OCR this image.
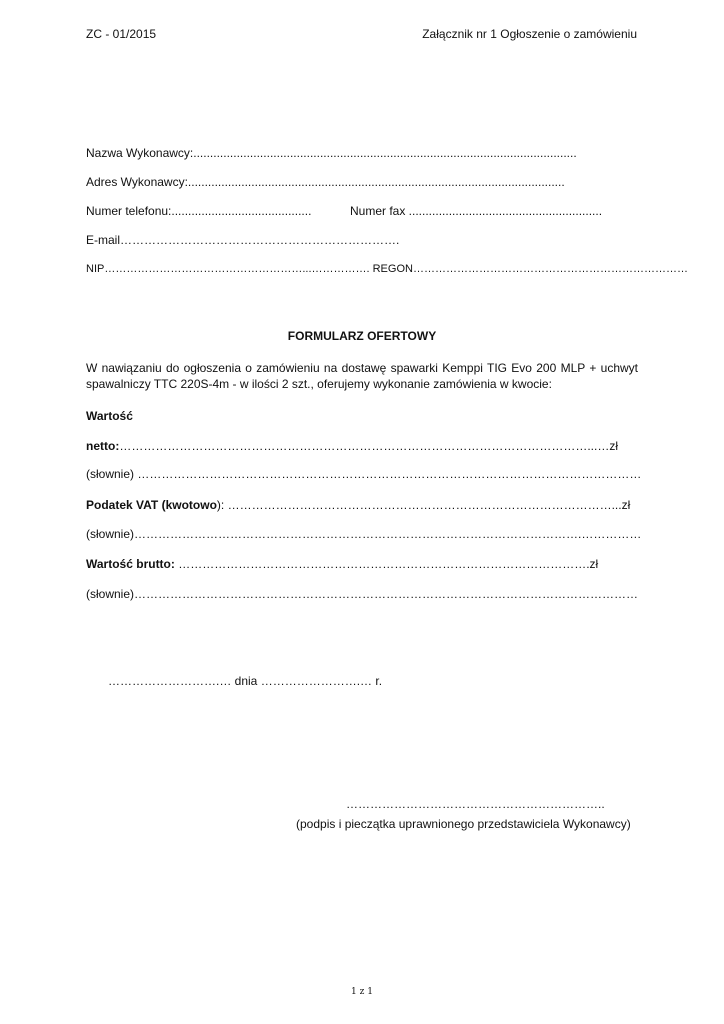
ZC - 01/2015	Załącznik nr 1 Ogłoszenie o zamówieniu
Nazwa Wykonawcy:...................................................................................................................
Adres Wykonawcy:.................................................................................................................
Numer telefonu:..........................................	Numer fax ..........................................................
E-mail…………………………………………………………….
NIP………………………………………………...……………. REGON…………………………………………………………………
FORMULARZ OFERTOWY
W nawiązaniu do ogłoszenia o zamówieniu na dostawę spawarki Kemppi TIG Evo 200 MLP + uchwyt spawalniczy TTC 220S-4m - w ilości 2 szt., oferujemy wykonanie zamówienia w kwocie:
Wartość
netto:………………………………………………………………………………………………………...…zł
(słownie) ………………………………………………………………………………………………………………
Podatek VAT (kwotowo): ……………………………………………………………………………………...zł
(słownie)………………………………………………………………………………………………….……………
Wartość brutto: ………………………………………………………………………………………….zł
(słownie)………………………………………………………………………………………………………………
……………………….… dnia …………………….… r.
………………………………………………………..
(podpis i pieczątka uprawnionego przedstawiciela Wykonawcy)
1 z 1
